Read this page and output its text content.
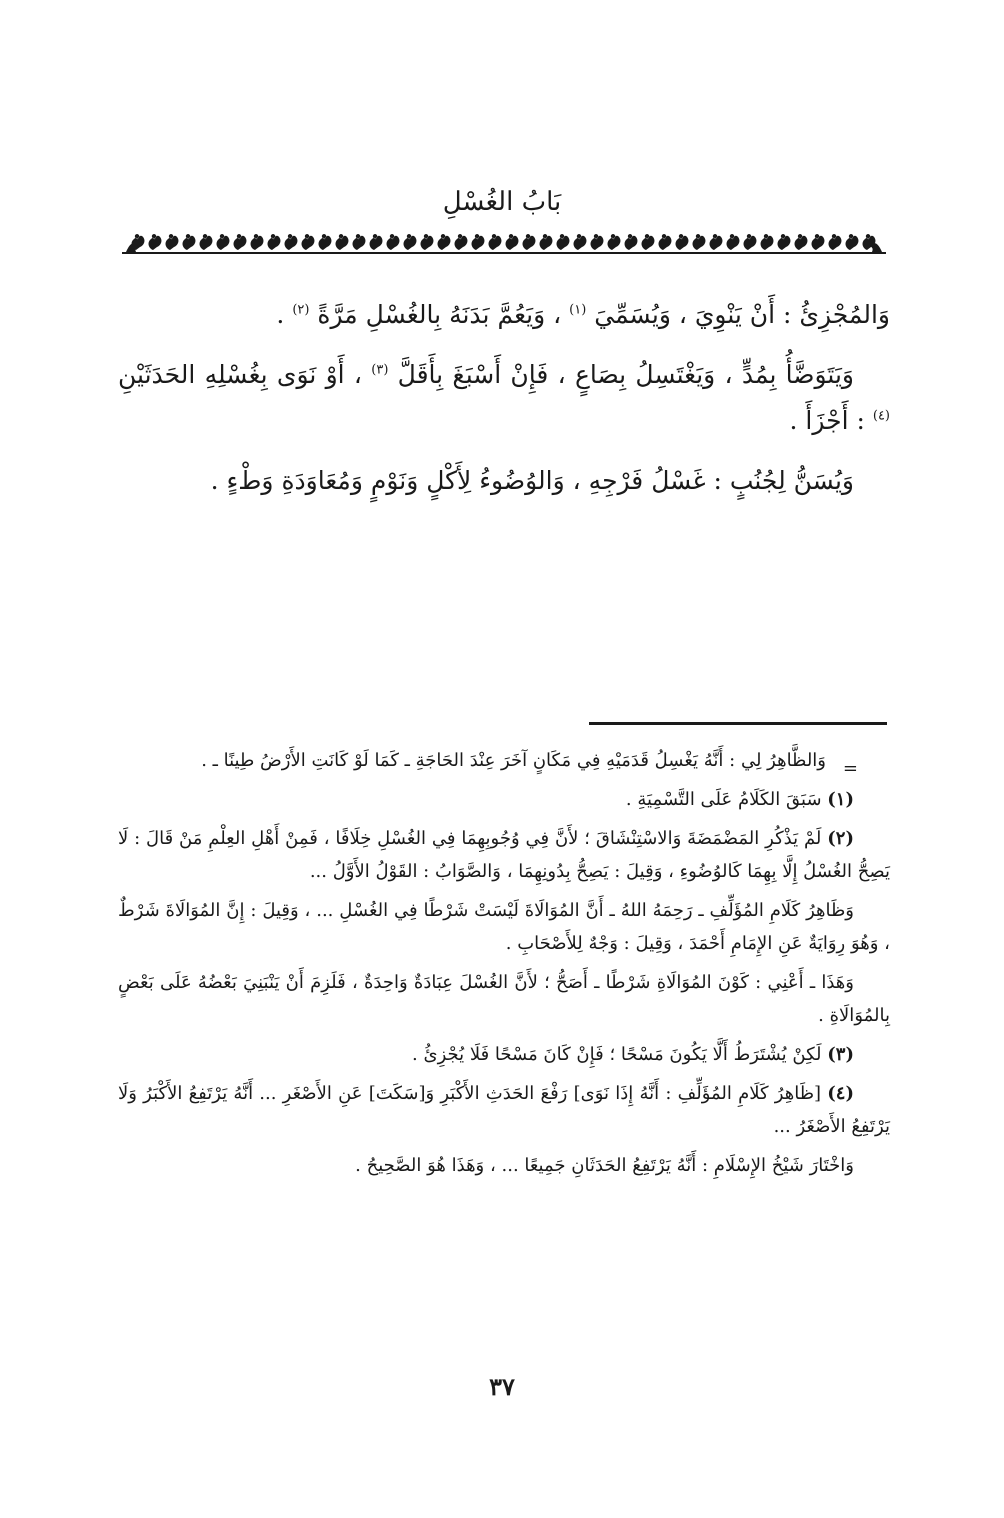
بَابُ الغُسْلِ

وَالمُجْزِئُ : أَنْ يَنْوِيَ ، وَيُسَمِّيَ $^{(١)}$ ، وَيَعُمَّ بَدَنَهُ بِالغُسْلِ مَرَّةً $^{(٢)}$ .

وَيَتَوَضَّأُ بِمُدٍّ ، وَيَغْتَسِلُ بِصَاعٍ ، فَإِنْ أَسْبَغَ بِأَقَلَّ $^{(٣)}$ ، أَوْ نَوَى بِغُسْلِهِ الحَدَثَيْنِ $^{(٤)}$ : أَجْزَأَ .

وَيُسَنُّ لِجُنُبٍ : غَسْلُ فَرْجِهِ ، وَالوُضُوءُ لِأَكْلٍ وَنَوْمٍ وَمُعَاوَدَةِ وَطْءٍ .

=
وَالظَّاهِرُ لِي : أَنَّهُ يَغْسِلُ قَدَمَيْهِ فِي مَكَانٍ آخَرَ عِنْدَ الحَاجَةِ ـ كَمَا لَوْ كَانَتِ الأَرْضُ طِينًا ـ .

(١) سَبَقَ الكَلَامُ عَلَى التَّسْمِيَةِ .

(٢) لَمْ يَذْكُرِ المَضْمَضَةَ وَالاسْتِنْشَاقَ ؛ لأَنَّ فِي وُجُوبِهِمَا فِي الغُسْلِ خِلَافًا ، فَمِنْ أَهْلِ العِلْمِ مَنْ قَالَ : لَا يَصِحُّ الغُسْلُ إِلَّا بِهِمَا كَالوُضُوءِ ، وَقِيلَ : يَصِحُّ بِدُونِهِمَا ، وَالصَّوَابُ : القَوْلُ الأَوَّلُ ...

وَظَاهِرُ كَلَامِ المُؤَلِّفِ ـ رَحِمَهُ اللهُ ـ أَنَّ المُوَالَاةَ لَيْسَتْ شَرْطًا فِي الغُسْلِ ... ، وَقِيلَ : إِنَّ المُوَالَاةَ شَرْطٌ ، وَهُوَ رِوَايَةٌ عَنِ الإِمَامِ أَحْمَدَ ، وَقِيلَ : وَجْهٌ لِلأَصْحَابِ .

وَهَذَا ـ أَعْنِي : كَوْنَ المُوَالَاةِ شَرْطًا ـ أَصَحُّ ؛ لأَنَّ الغُسْلَ عِبَادَةٌ وَاحِدَةٌ ، فَلَزِمَ أَنْ يَنْبَنِيَ بَعْضُهُ عَلَى بَعْضٍ بِالمُوَالَاةِ .

(٣) لَكِنْ يُشْتَرَطُ أَلَّا يَكُونَ مَسْحًا ؛ فَإِنْ كَانَ مَسْحًا فَلَا يُجْزِئُ .

(٤) [ظَاهِرُ كَلَامِ المُؤَلِّفِ : أَنَّهُ إِذَا نَوَى] رَفْعَ الحَدَثِ الأَكْبَرِ وَ[سَكَتَ] عَنِ الأَصْغَرِ ... أَنَّهُ يَرْتَفِعُ الأَكْبَرُ وَلَا يَرْتَفِعُ الأَصْغَرُ ...

وَاخْتَارَ شَيْخُ الإِسْلَامِ : أَنَّهُ يَرْتَفِعُ الحَدَثَانِ جَمِيعًا ... ، وَهَذَا هُوَ الصَّحِيحُ .

٣٧
